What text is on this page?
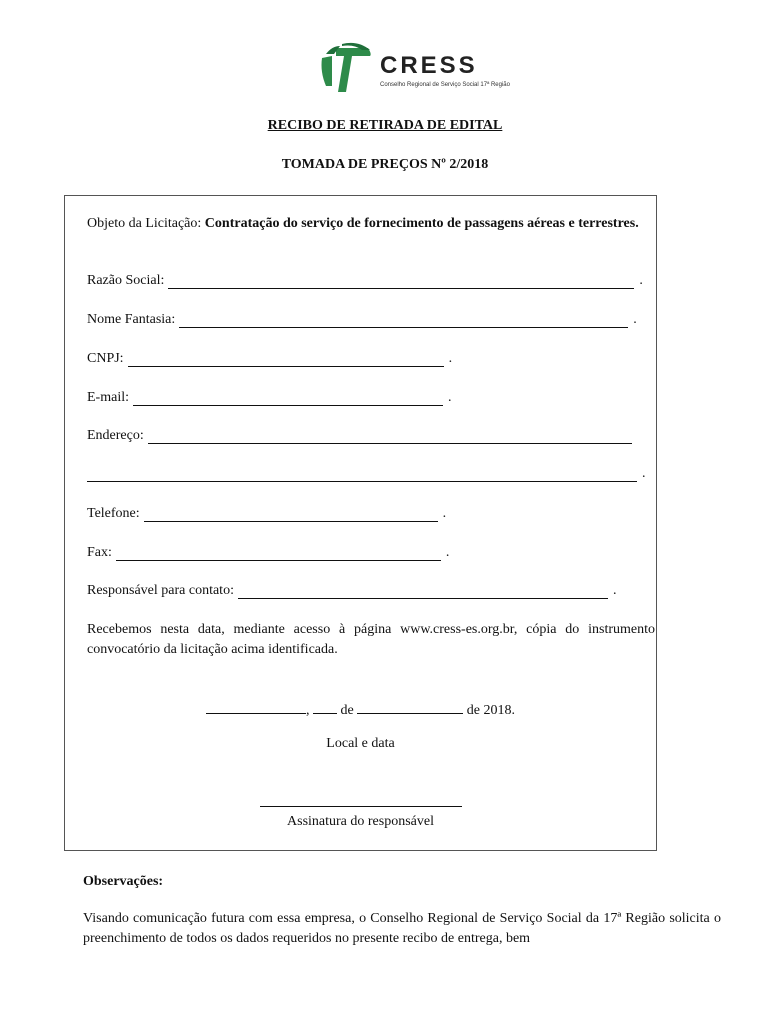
CRESS
Conselho Regional de Serviço Social 17ª Região
RECIBO DE RETIRADA DE EDITAL
TOMADA DE PREÇOS Nº 2/2018
Objeto da Licitação: Contratação do serviço de fornecimento de passagens aéreas e terrestres.
Razão Social:	.
Nome Fantasia:	.
CNPJ:	.
E-mail:	.
Endereço:
.
Telefone:	.
Fax:	.
Responsável para contato:	.
Recebemos nesta data, mediante acesso à página www.cress-es.org.br, cópia do instrumento convocatório da licitação acima identificada.
, de	de 2018.
Local e data
Assinatura do responsável
Observações:
Visando comunicação futura com essa empresa, o Conselho Regional de Serviço Social da 17ª Região solicita o preenchimento de todos os dados requeridos no presente recibo de entrega, bem
